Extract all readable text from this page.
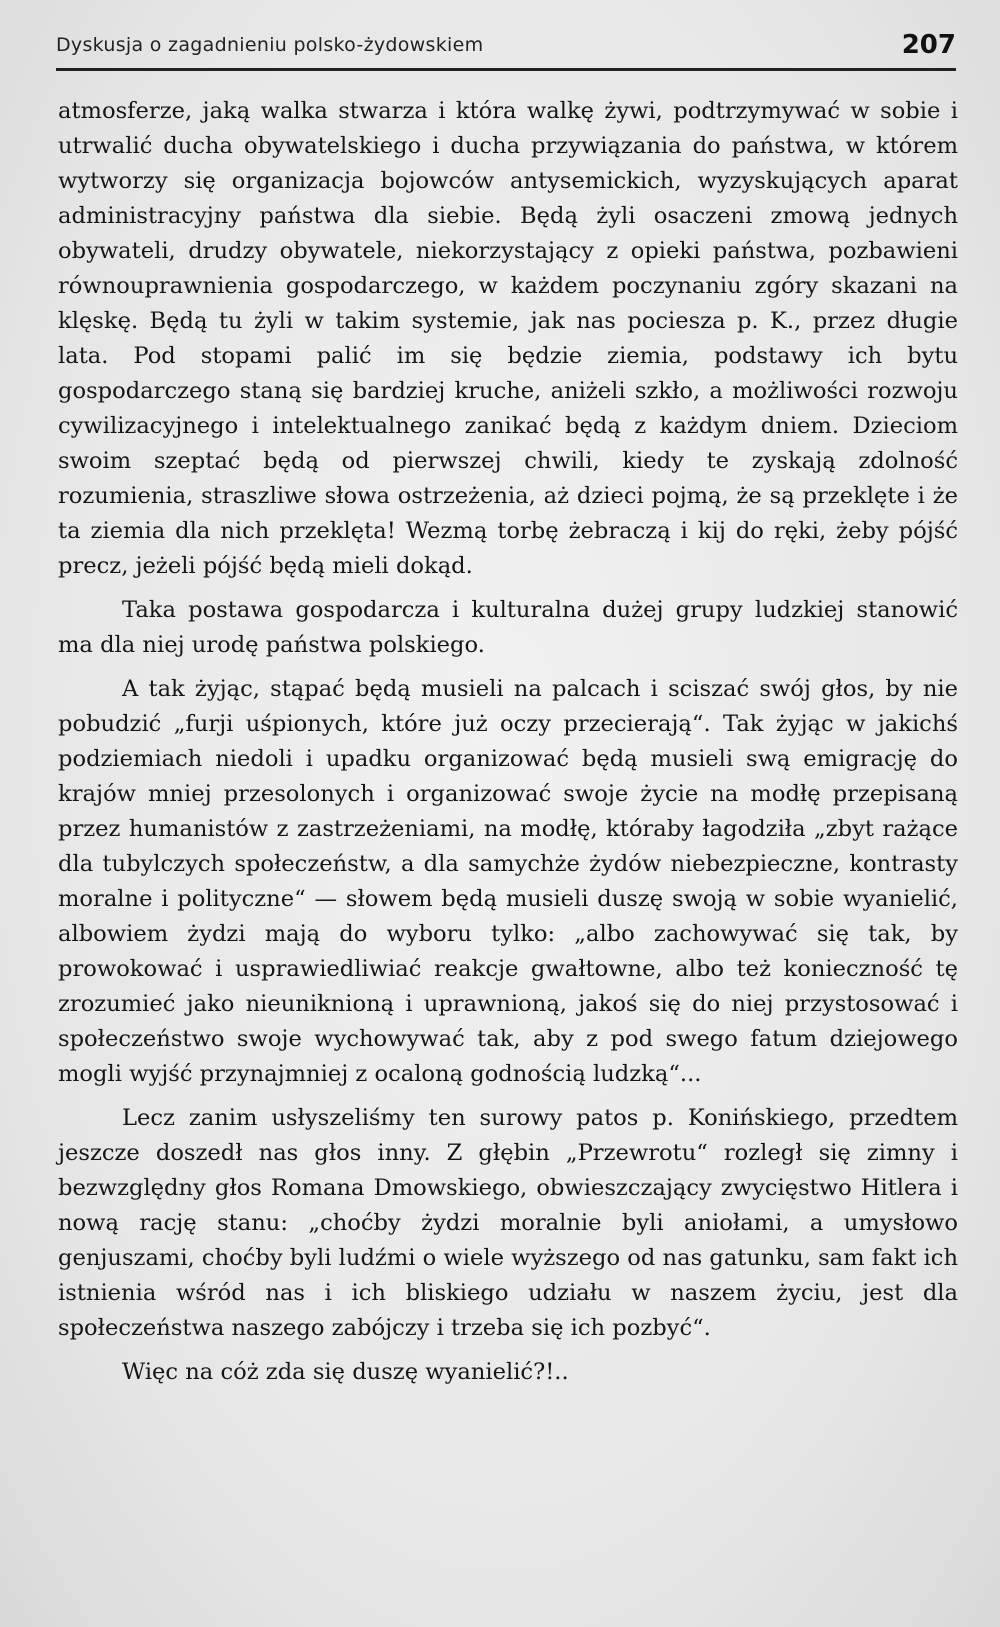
Dyskusja o zagadnieniu polsko-żydowskiem	207

atmosferze, jaką walka stwarza i która walkę żywi, podtrzymywać w sobie i utrwalić ducha obywatelskiego i ducha przywiązania do państwa, w którem wytworzy się organizacja bojowców antysemickich, wyzyskujących aparat administracyjny państwa dla siebie. Będą żyli osaczeni zmową jednych obywateli, drudzy obywatele, niekorzystający z opieki państwa, pozbawieni równouprawnienia gospodarczego, w każdem poczynaniu zgóry skazani na klęskę. Będą tu żyli w takim systemie, jak nas pociesza p. K., przez długie lata. Pod stopami palić im się będzie ziemia, podstawy ich bytu gospodarczego staną się bardziej kruche, aniżeli szkło, a możliwości rozwoju cywilizacyjnego i intelektualnego zanikać będą z każdym dniem. Dzieciom swoim szeptać będą od pierwszej chwili, kiedy te zyskają zdolność rozumienia, straszliwe słowa ostrzeżenia, aż dzieci pojmą, że są przeklęte i że ta ziemia dla nich przeklęta! Wezmą torbę żebraczą i kij do ręki, żeby pójść precz, jeżeli pójść będą mieli dokąd.

Taka postawa gospodarcza i kulturalna dużej grupy ludzkiej stanowić ma dla niej urodę państwa polskiego.

A tak żyjąc, stąpać będą musieli na palcach i sciszać swój głos, by nie pobudzić „furji uśpionych, które już oczy przecierają“. Tak żyjąc w jakichś podziemiach niedoli i upadku organizować będą musieli swą emigrację do krajów mniej przesolonych i organizować swoje życie na modłę przepisaną przez humanistów z zastrzeżeniami, na modłę, któraby łagodziła „zbyt rażące dla tubylczych społeczeństw, a dla samychże żydów niebezpieczne, kontrasty moralne i polityczne“ — słowem będą musieli duszę swoją w sobie wyanielić, albowiem żydzi mają do wyboru tylko: „albo zachowywać się tak, by prowokować i usprawiedliwiać reakcje gwałtowne, albo też konieczność tę zrozumieć jako nieuniknioną i uprawnioną, jakoś się do niej przystosować i społeczeństwo swoje wychowywać tak, aby z pod swego fatum dziejowego mogli wyjść przynajmniej z ocaloną godnością ludzką“...

Lecz zanim usłyszeliśmy ten surowy patos p. Konińskiego, przedtem jeszcze doszedł nas głos inny. Z głębin „Przewrotu“ rozległ się zimny i bezwzględny głos Romana Dmowskiego, obwieszczający zwycięstwo Hitlera i nową rację stanu: „choćby żydzi moralnie byli aniołami, a umysłowo genjuszami, choćby byli ludźmi o wiele wyższego od nas gatunku, sam fakt ich istnienia wśród nas i ich bliskiego udziału w naszem życiu, jest dla społeczeństwa naszego zabójczy i trzeba się ich pozbyć“.

Więc na cóż zda się duszę wyanielić?!..
